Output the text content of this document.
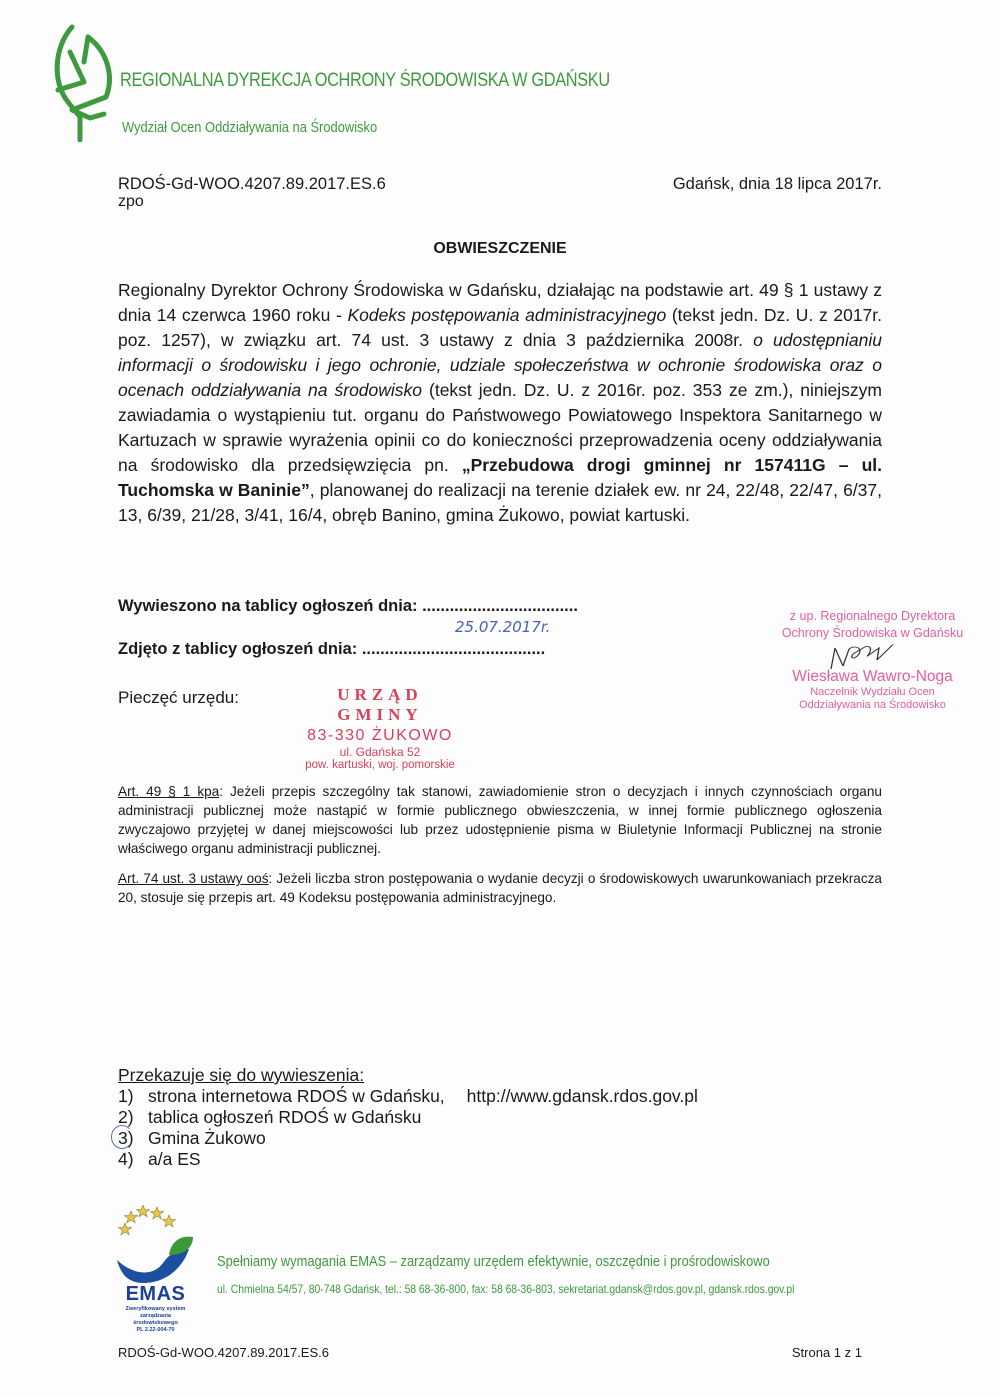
REGIONALNA DYREKCJA OCHRONY ŚRODOWISKA W GDAŃSKU
Wydział Ocen Oddziaływania na Środowisko
RDOŚ-Gd-WOO.4207.89.2017.ES.6
zpo
Gdańsk, dnia 18 lipca 2017r.
OBWIESZCZENIE
Regionalny Dyrektor Ochrony Środowiska w Gdańsku, działając na podstawie art. 49 § 1 ustawy z dnia 14 czerwca 1960 roku - Kodeks postępowania administracyjnego (tekst jedn. Dz. U. z 2017r. poz. 1257), w związku art. 74 ust. 3 ustawy z dnia 3 października 2008r. o udostępnianiu informacji o środowisku i jego ochronie, udziale społeczeństwa w ochronie środowiska oraz o ocenach oddziaływania na środowisko (tekst jedn. Dz. U. z 2016r. poz. 353 ze zm.), niniejszym zawiadamia o wystąpieniu tut. organu do Państwowego Powiatowego Inspektora Sanitarnego w Kartuzach w sprawie wyrażenia opinii co do konieczności przeprowadzenia oceny oddziaływania na środowisko dla przedsięwzięcia pn. „Przebudowa drogi gminnej nr 157411G – ul. Tuchomska w Baninie”, planowanej do realizacji na terenie działek ew. nr 24, 22/48, 22/47, 6/37, 13, 6/39, 21/28, 3/41, 16/4, obręb Banino, gmina Żukowo, powiat kartuski.
Wywieszono na tablicy ogłoszeń dnia: ..................................
25.07.2017r.
Zdjęto z tablicy ogłoszeń dnia: ........................................
Pieczęć urzędu:	URZĄD GMINY
83-330 ŻUKOWO
ul. Gdańska 52
pow. kartuski, woj. pomorskie
z up. Regionalnego Dyrektora
Ochrony Środowiska w Gdańsku
Wiesława Wawro-Noga
Naczelnik Wydziału Ocen
Oddziaływania na Środowisko
Art. 49 § 1 kpa: Jeżeli przepis szczególny tak stanowi, zawiadomienie stron o decyzjach i innych czynnościach organu administracji publicznej może nastąpić w formie publicznego obwieszczenia, w innej formie publicznego ogłoszenia zwyczajowo przyjętej w danej miejscowości lub przez udostępnienie pisma w Biuletynie Informacji Publicznej na stronie właściwego organu administracji publicznej.
Art. 74 ust. 3 ustawy ooś: Jeżeli liczba stron postępowania o wydanie decyzji o środowiskowych uwarunkowaniach przekracza 20, stosuje się przepis art. 49 Kodeksu postępowania administracyjnego.
Przekazuje się do wywieszenia:
1) strona internetowa RDOŚ w Gdańsku, http://www.gdansk.rdos.gov.pl
2) tablica ogłoszeń RDOŚ w Gdańsku
3) Gmina Żukowo
4) a/a ES
EMAS
Zweryfikowany system
zarządzania
środowiskowego
PL 2.22-004-70
Spełniamy wymagania EMAS – zarządzamy urzędem efektywnie, oszczędnie i prośrodowiskowo
ul. Chmielna 54/57, 80-748 Gdańsk, tel.: 58 68-36-800, fax: 58 68-36-803, sekretariat.gdansk@rdos.gov.pl, gdansk.rdos.gov.pl
RDOŚ-Gd-WOO.4207.89.2017.ES.6	Strona 1 z 1
